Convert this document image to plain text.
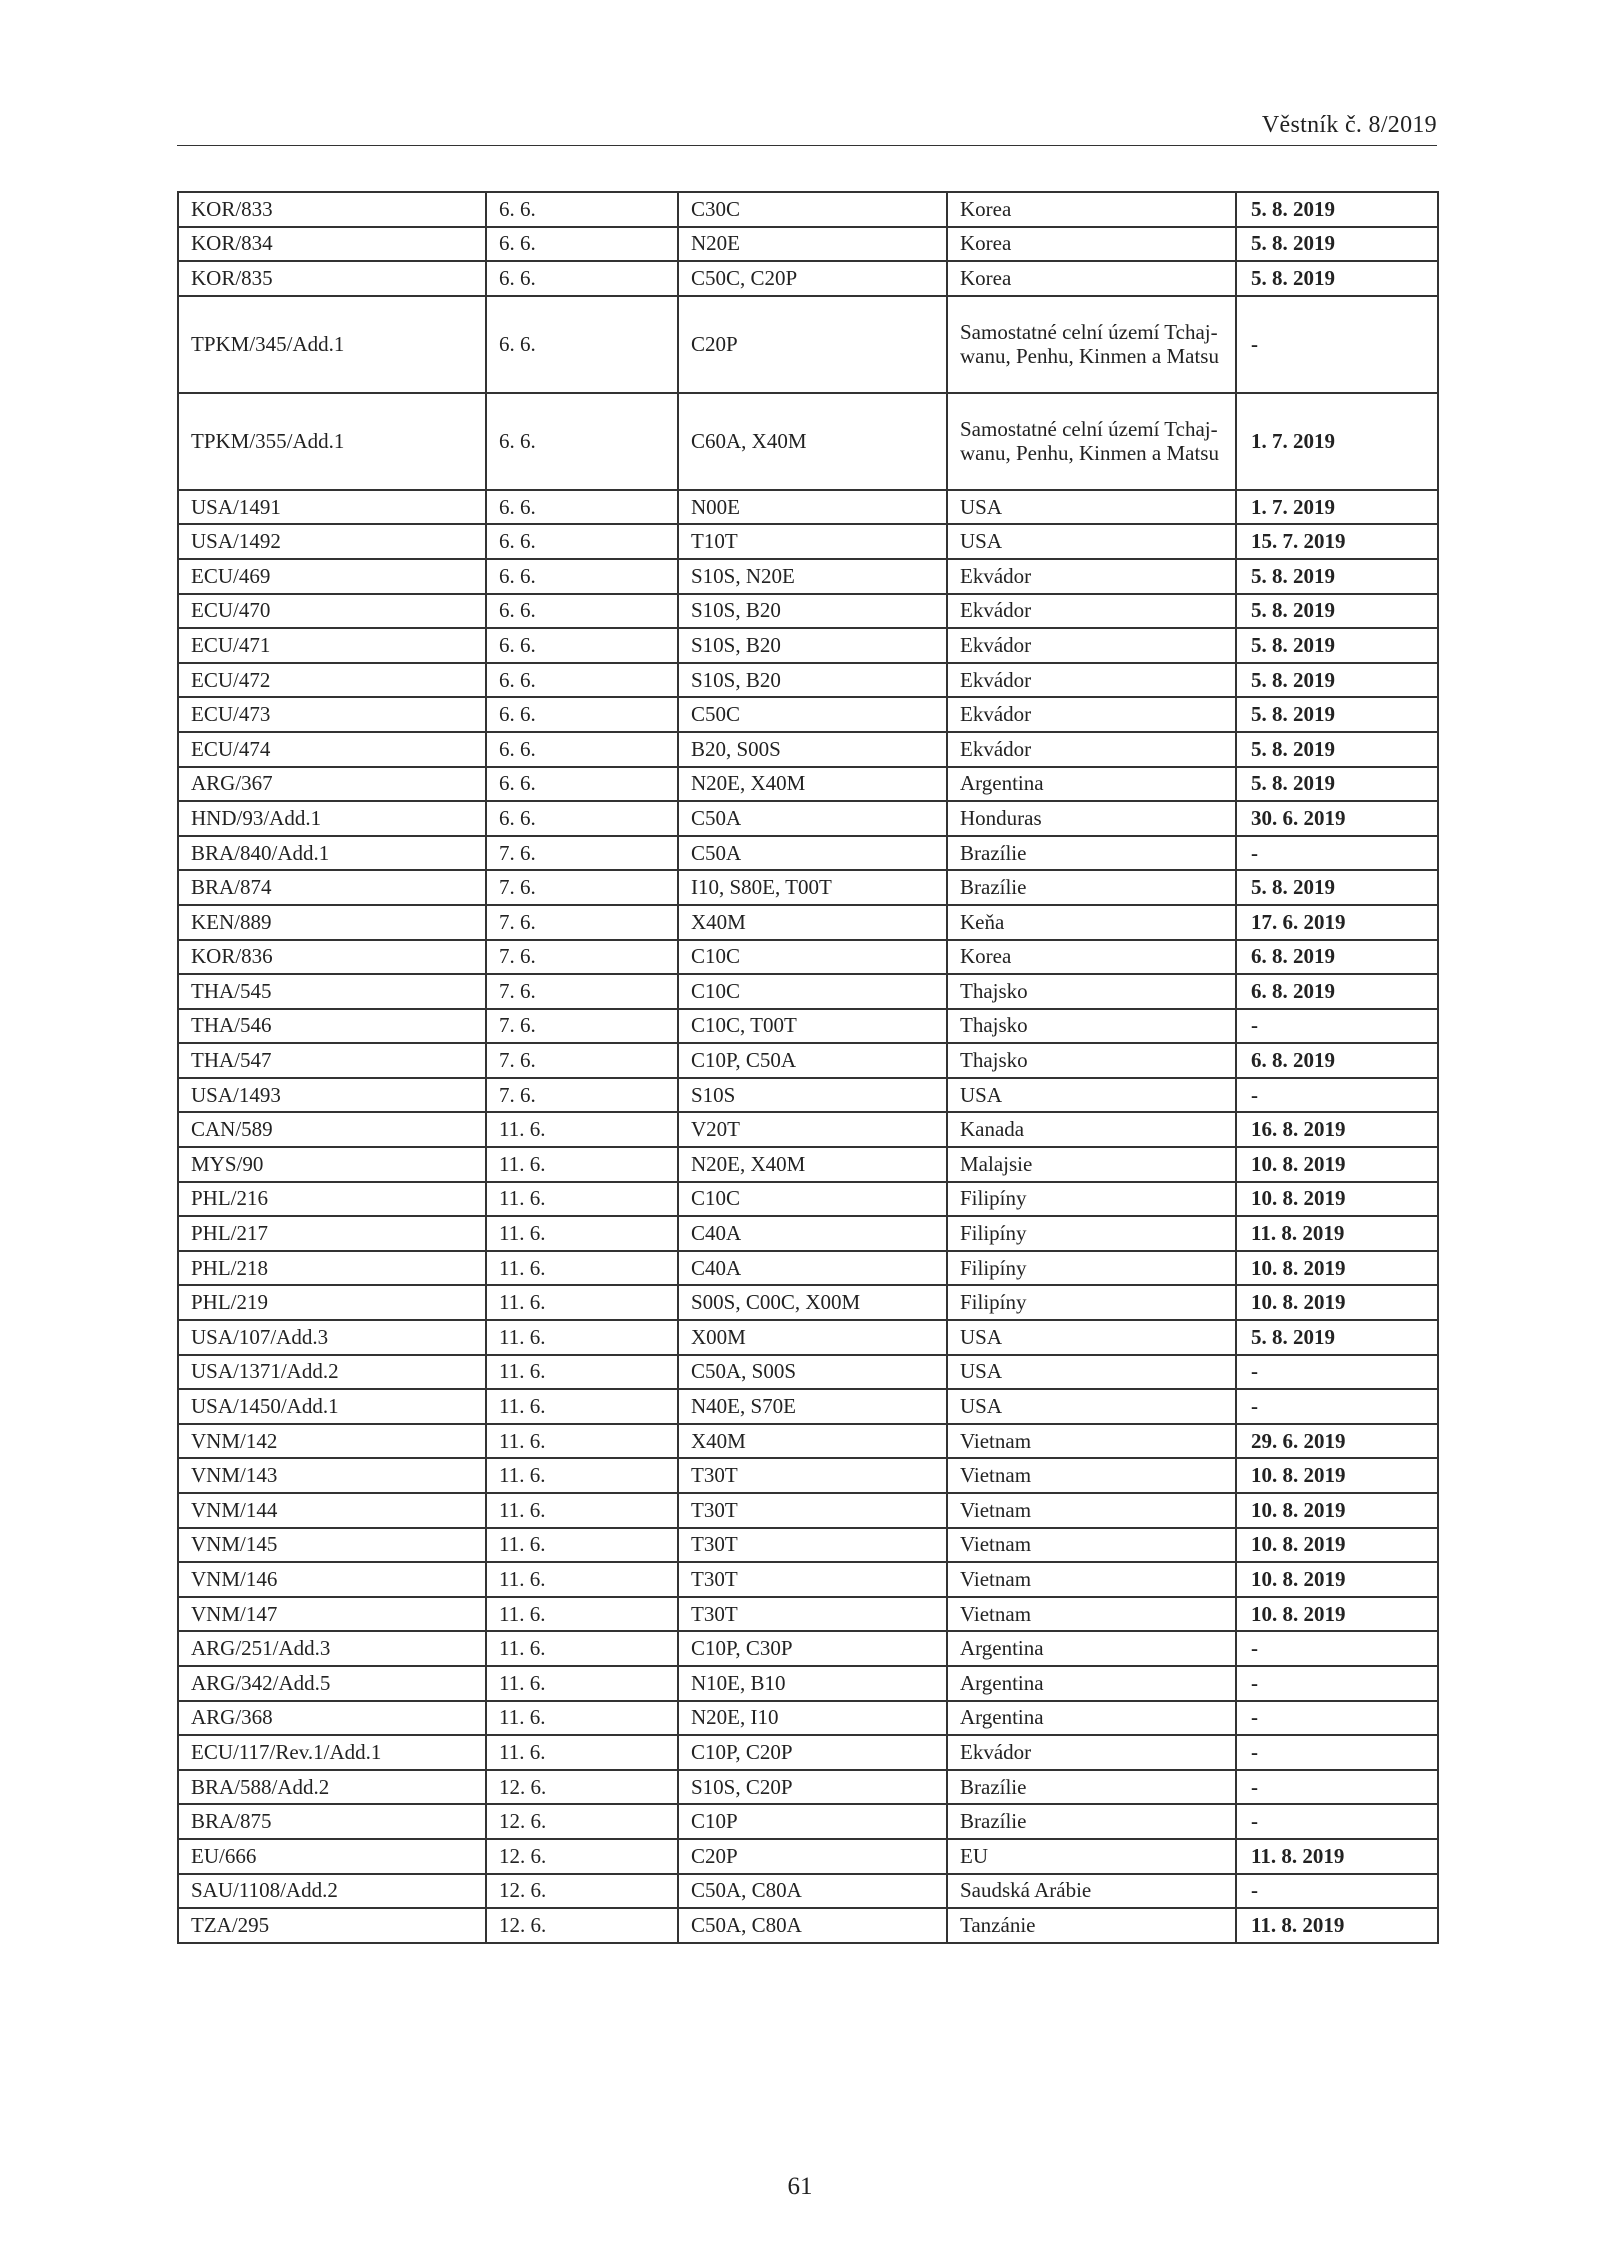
Věstník č. 8/2019
KOR/833	6. 6.	C30C	Korea	5. 8. 2019
KOR/834	6. 6.	N20E	Korea	5. 8. 2019
KOR/835	6. 6.	C50C, C20P	Korea	5. 8. 2019
TPKM/345/Add.1	6. 6.	C20P	Samostatné celní území Tchaj-wanu, Penhu, Kinmen a Matsu	-
TPKM/355/Add.1	6. 6.	C60A, X40M	Samostatné celní území Tchaj-wanu, Penhu, Kinmen a Matsu	1. 7. 2019
USA/1491	6. 6.	N00E	USA	1. 7. 2019
USA/1492	6. 6.	T10T	USA	15. 7. 2019
ECU/469	6. 6.	S10S, N20E	Ekvádor	5. 8. 2019
ECU/470	6. 6.	S10S, B20	Ekvádor	5. 8. 2019
ECU/471	6. 6.	S10S, B20	Ekvádor	5. 8. 2019
ECU/472	6. 6.	S10S, B20	Ekvádor	5. 8. 2019
ECU/473	6. 6.	C50C	Ekvádor	5. 8. 2019
ECU/474	6. 6.	B20, S00S	Ekvádor	5. 8. 2019
ARG/367	6. 6.	N20E, X40M	Argentina	5. 8. 2019
HND/93/Add.1	6. 6.	C50A	Honduras	30. 6. 2019
BRA/840/Add.1	7. 6.	C50A	Brazílie	-
BRA/874	7. 6.	I10, S80E, T00T	Brazílie	5. 8. 2019
KEN/889	7. 6.	X40M	Keňa	17. 6. 2019
KOR/836	7. 6.	C10C	Korea	6. 8. 2019
THA/545	7. 6.	C10C	Thajsko	6. 8. 2019
THA/546	7. 6.	C10C, T00T	Thajsko	-
THA/547	7. 6.	C10P, C50A	Thajsko	6. 8. 2019
USA/1493	7. 6.	S10S	USA	-
CAN/589	11. 6.	V20T	Kanada	16. 8. 2019
MYS/90	11. 6.	N20E, X40M	Malajsie	10. 8. 2019
PHL/216	11. 6.	C10C	Filipíny	10. 8. 2019
PHL/217	11. 6.	C40A	Filipíny	11. 8. 2019
PHL/218	11. 6.	C40A	Filipíny	10. 8. 2019
PHL/219	11. 6.	S00S, C00C, X00M	Filipíny	10. 8. 2019
USA/107/Add.3	11. 6.	X00M	USA	5. 8. 2019
USA/1371/Add.2	11. 6.	C50A, S00S	USA	-
USA/1450/Add.1	11. 6.	N40E, S70E	USA	-
VNM/142	11. 6.	X40M	Vietnam	29. 6. 2019
VNM/143	11. 6.	T30T	Vietnam	10. 8. 2019
VNM/144	11. 6.	T30T	Vietnam	10. 8. 2019
VNM/145	11. 6.	T30T	Vietnam	10. 8. 2019
VNM/146	11. 6.	T30T	Vietnam	10. 8. 2019
VNM/147	11. 6.	T30T	Vietnam	10. 8. 2019
ARG/251/Add.3	11. 6.	C10P, C30P	Argentina	-
ARG/342/Add.5	11. 6.	N10E, B10	Argentina	-
ARG/368	11. 6.	N20E, I10	Argentina	-
ECU/117/Rev.1/Add.1	11. 6.	C10P, C20P	Ekvádor	-
BRA/588/Add.2	12. 6.	S10S, C20P	Brazílie	-
BRA/875	12. 6.	C10P	Brazílie	-
EU/666	12. 6.	C20P	EU	11. 8. 2019
SAU/1108/Add.2	12. 6.	C50A, C80A	Saudská Arábie	-
TZA/295	12. 6.	C50A, C80A	Tanzánie	11. 8. 2019
61
